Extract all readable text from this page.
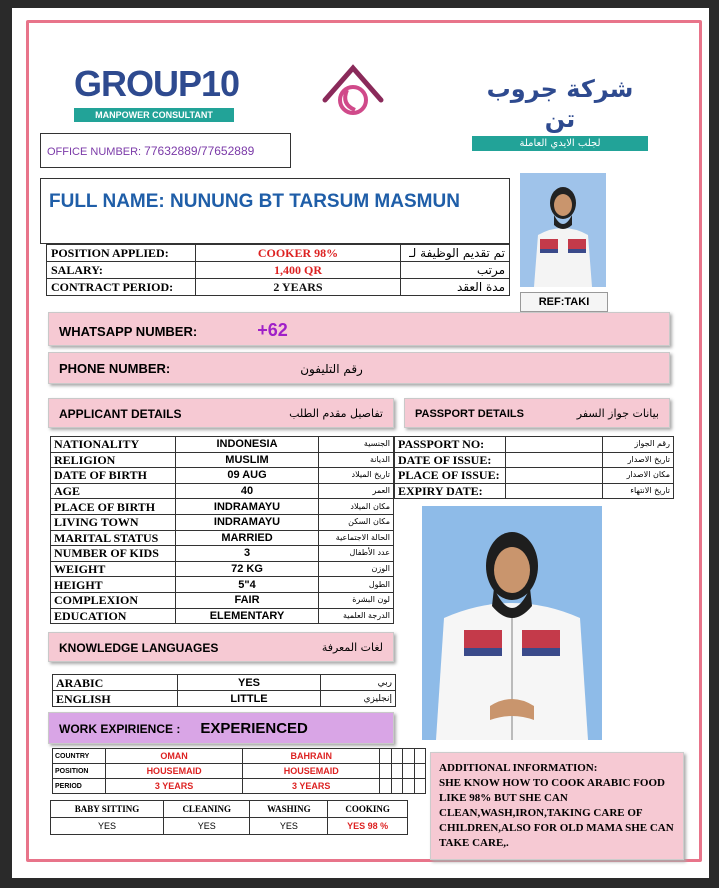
GROUP10
MANPOWER CONSULTANT
شركة جروب تن
لجلب الايدي العاملة
OFFICE NUMBER: 77632889/77652889
FULL NAME: NUNUNG BT TARSUM MASMUN
POSITION APPLIED:	COOKER 98%	تم تقديم الوظيفة لـ
SALARY:	1,400 QR	مرتب
CONTRACT PERIOD:	2 YEARS	مدة العقد
REF:TAKI
WHATSAPP NUMBER:	+62
PHONE NUMBER:	رقم التليفون
APPLICANT DETAILS	تفاصيل مقدم الطلب	PASSPORT DETAILS	بيانات جواز السفر
NATIONALITY	INDONESIA	الجنسية
RELIGION	MUSLIM	الديانة
DATE OF BIRTH	09 AUG	تاريخ الميلاد
AGE	40	العمر
PLACE OF BIRTH	INDRAMAYU	مكان الميلاد
LIVING TOWN	INDRAMAYU	مكان السكن
MARITAL STATUS	MARRIED	الحالة الاجتماعية
NUMBER OF KIDS	3	عدد الأطفال
WEIGHT	72 KG	الوزن
HEIGHT	5"4	الطول
COMPLEXION	FAIR	لون البشرة
EDUCATION	ELEMENTARY	الدرجة العلمية
PASSPORT NO:		رقم الجواز
DATE OF ISSUE:		تاريخ الاصدار
PLACE OF ISSUE:		مكان الاصدار
EXPIRY DATE:		تاريخ الانتهاء
KNOWLEDGE LANGUAGES	لغات المعرفة
ARABIC	YES	ربي
ENGLISH	LITTLE	إنجليزي
WORK EXPIRIENCE : EXPERIENCED
COUNTRY	OMAN	BAHRAIN				
POSITION	HOUSEMAID	HOUSEMAID				
PERIOD	3 YEARS	3 YEARS				
BABY SITTING	CLEANING	WASHING	COOKING
YES	YES	YES	YES 98 %
ADDITIONAL INFORMATION:
SHE KNOW HOW TO COOK ARABIC FOOD LIKE 98% BUT SHE CAN CLEAN,WASH,IRON,TAKING CARE OF CHILDREN,ALSO FOR OLD MAMA SHE CAN TAKE CARE,.
